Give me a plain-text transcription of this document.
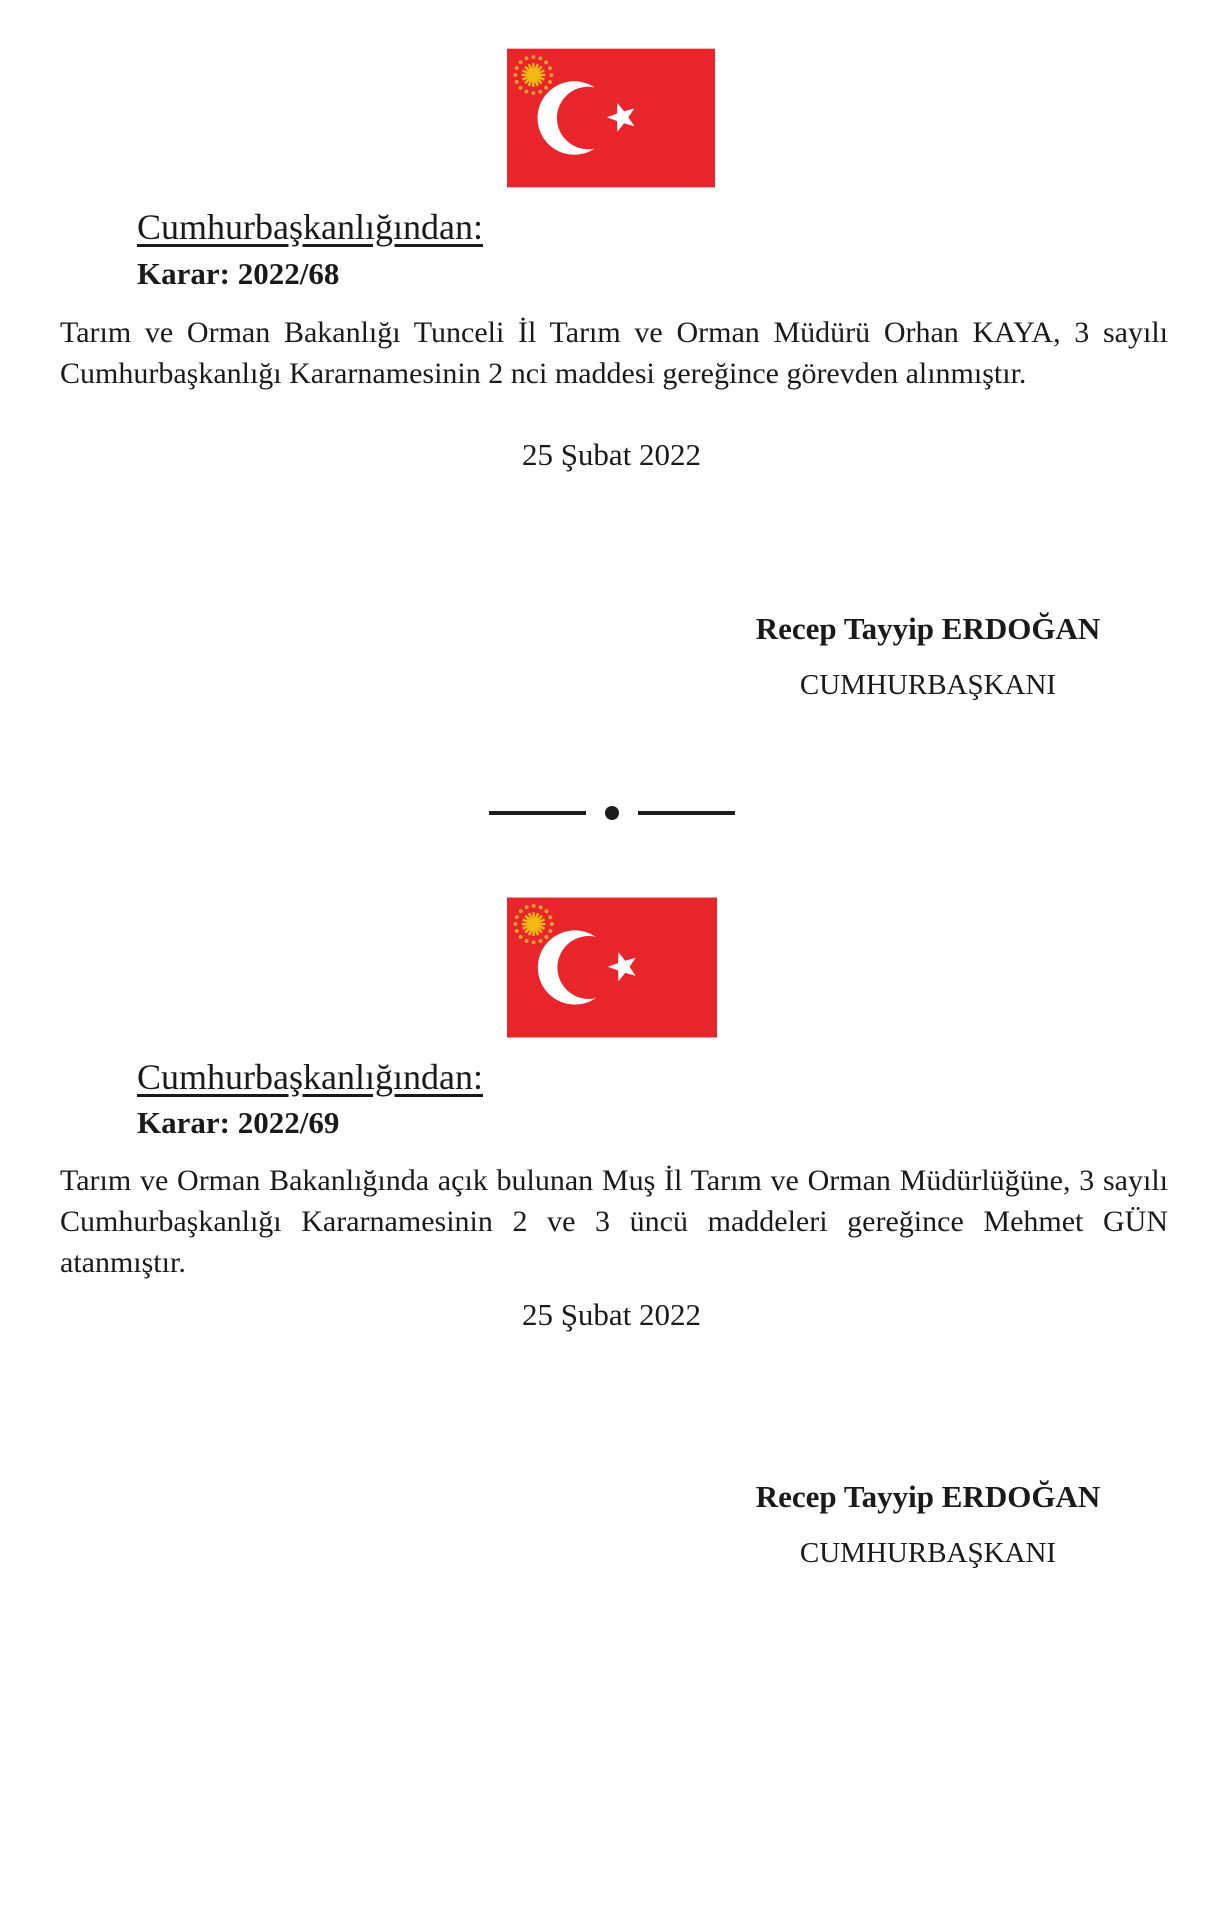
Cumhurbaşkanlığından:
Karar: 2022/68
Tarım ve Orman Bakanlığı Tunceli İl Tarım ve Orman Müdürü Orhan KAYA, 3 sayılı Cumhurbaşkanlığı Kararnamesinin 2 nci maddesi gereğince görevden alınmıştır.
25 Şubat 2022
Recep Tayyip ERDOĞAN
CUMHURBAŞKANI
Cumhurbaşkanlığından:
Karar: 2022/69
Tarım ve Orman Bakanlığında açık bulunan Muş İl Tarım ve Orman Müdürlüğüne, 3 sayılı Cumhurbaşkanlığı Kararnamesinin 2 ve 3 üncü maddeleri gereğince Mehmet GÜN atanmıştır.
25 Şubat 2022
Recep Tayyip ERDOĞAN
CUMHURBAŞKANI
